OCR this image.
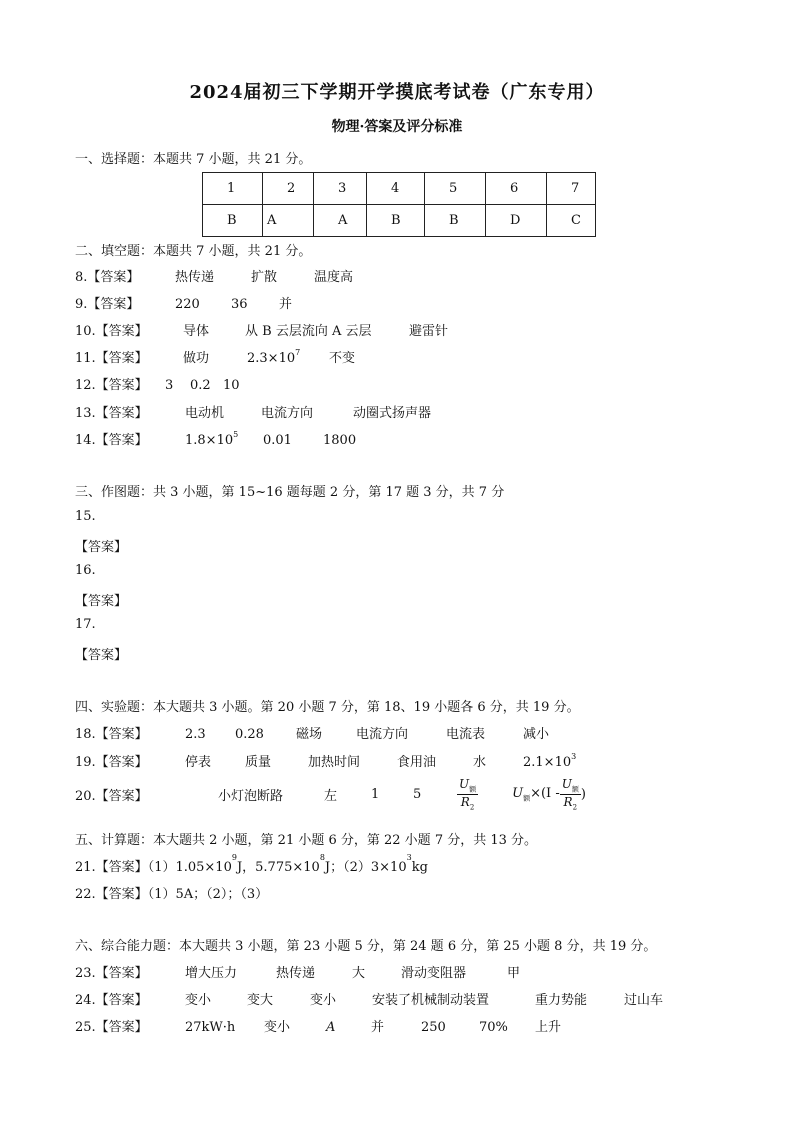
2024届初三下学期开学摸底考试卷（广东专用）
物理·答案及评分标准
一、选择题：本题共 7 小题，共 21 分。
1	2	3	4	5	6	7
B	A	A	B	B	D	C
二、填空题：本题共 7 小题，共 21 分。
8.【答案】	热传递	扩散	温度高
9.【答案】	220 36 并
10.【答案】	导体	从 B 云层流向 A 云层	避雷针
11.【答案】	做功	$2.3\times 10^7$ 不变
12.【答案】 3 0.2 10
13.【答案】	电动机	电流方向	动圈式扬声器
14.【答案】	$1.8\times 10^5$ 0.01 1800
三、作图题：共 3 小题，第 15~16 题每题 2 分，第 17 题 3 分，共 7 分
15.
【答案】
16.
【答案】
17.
【答案】
四、实验题：本大题共 3 小题。第 20 小题 7 分，第 18、19 小题各 6 分，共 19 分。
18.【答案】	2.3 0.28 磁场	电流方向	电流表	减小
19.【答案】	停表	质量	加热时间	食用油	水	$2.1\times 10^3$
20.【答案】	小灯泡断路	左	1	5	$\frac{U_额}{R_2}$	$U_额\times(I - \frac{U_额}{R_2}$ )
五、计算题：本大题共 2 小题，第 21 小题 6 分，第 22 小题 7 分，共 13 分。
21.【答案】$(1)1.05\times 10^9J$，$5.775\times 10^8J$；$(2)3\times 10^3kg$
22.【答案】（1）5A；（2）；（3）
六、综合能力题：本大题共 3 小题，第 23 小题 5 分，第 24 题 6 分，第 25 小题 8 分，共 19 分。
23.【答案】	增大压力	热传递	大	滑动变阻器	甲
24.【答案】	变小	变大	变小	安装了机械制动装置	重力势能	过山车
25.【答案】	27kW·h 变小	A	并	250	70% 上升
